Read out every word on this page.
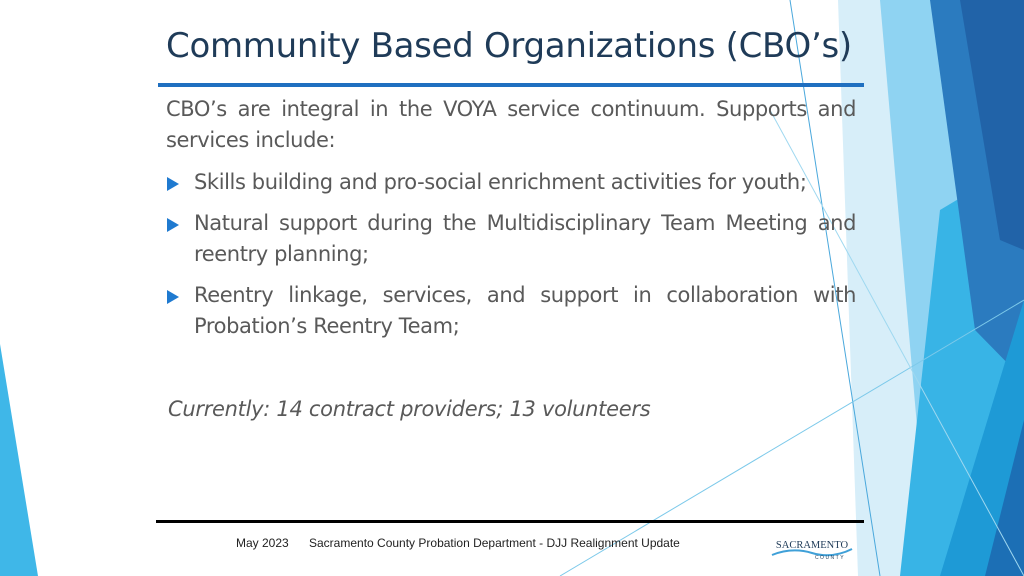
Community Based Organizations (CBO’s)

CBO’s are integral in the VOYA service continuum. Supports and services include:

Skills building and pro-social enrichment activities for youth;
Natural support during the Multidisciplinary Team Meeting and reentry planning;
Reentry linkage, services, and support in collaboration with Probation’s Reentry Team;
Currently: 14 contract providers; 13 volunteers
May 2023 Sacramento County Probation Department - DJJ Realignment Update	SACRAMENTO
COUNTY
